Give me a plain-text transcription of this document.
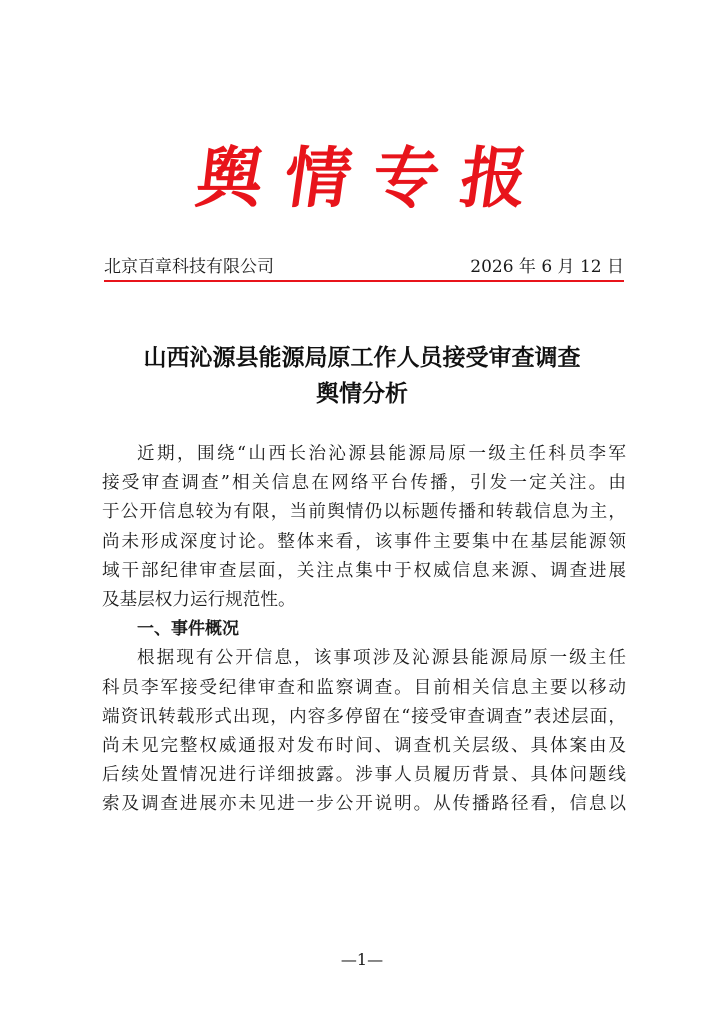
舆情专报
北京百章科技有限公司	2026 年 6 月 12 日
山西沁源县能源局原工作人员接受审查调查
舆情分析
近期，围绕“山西长治沁源县能源局原一级主任科员李军
接受审查调查”相关信息在网络平台传播，引发一定关注。由
于公开信息较为有限，当前舆情仍以标题传播和转载信息为主，
尚未形成深度讨论。整体来看，该事件主要集中在基层能源领
域干部纪律审查层面，关注点集中于权威信息来源、调查进展
及基层权力运行规范性。
一、事件概况
根据现有公开信息，该事项涉及沁源县能源局原一级主任
科员李军接受纪律审查和监察调查。目前相关信息主要以移动
端资讯转载形式出现，内容多停留在“接受审查调查”表述层面，
尚未见完整权威通报对发布时间、调查机关层级、具体案由及
后续处置情况进行详细披露。涉事人员履历背景、具体问题线
索及调查进展亦未见进一步公开说明。从传播路径看，信息以
—1—
